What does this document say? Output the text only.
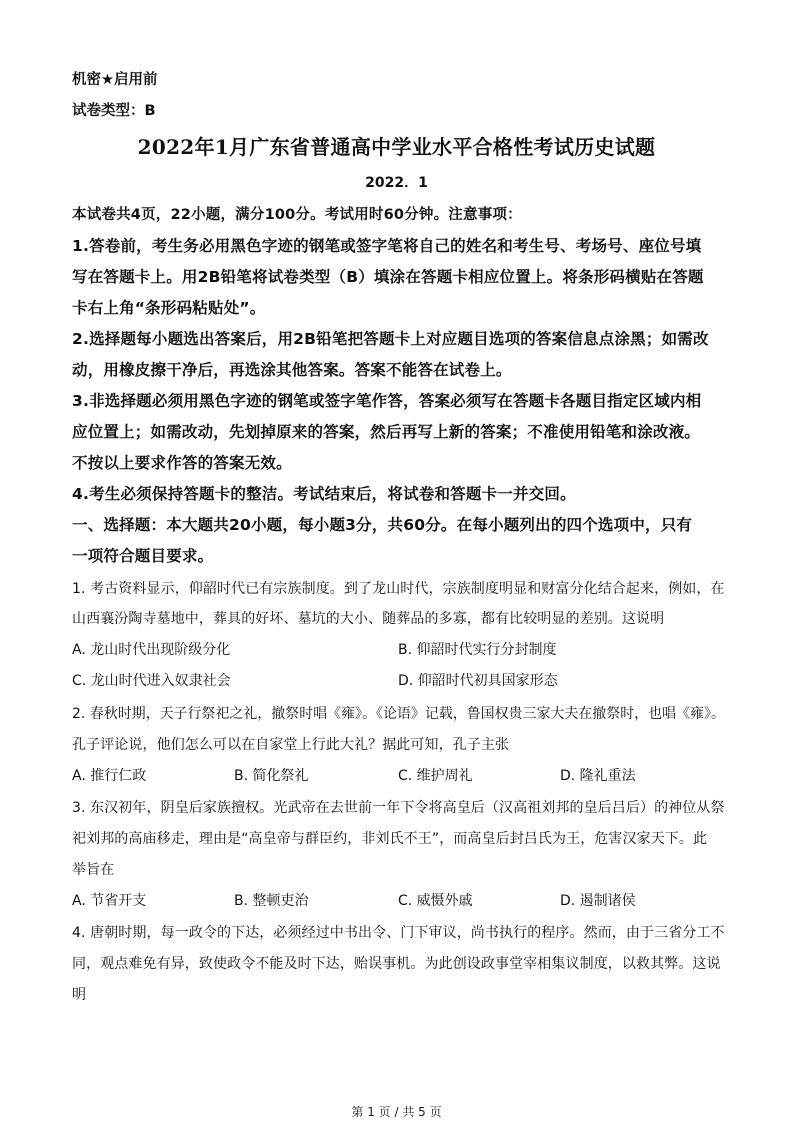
机密★启用前
试卷类型：B
2022年1月广东省普通高中学业水平合格性考试历史试题
2022．1
本试卷共4页，22小题，满分100分。考试用时60分钟。注意事项：
1.答卷前，考生务必用黑色字迹的钢笔或签字笔将自己的姓名和考生号、考场号、座位号填
写在答题卡上。用2B铅笔将试卷类型（B）填涂在答题卡相应位置上。将条形码横贴在答题
卡右上角“条形码粘贴处”。
2.选择题每小题选出答案后，用2B铅笔把答题卡上对应题目选项的答案信息点涂黑；如需改
动，用橡皮擦干净后，再选涂其他答案。答案不能答在试卷上。
3.非选择题必须用黑色字迹的钢笔或签字笔作答，答案必须写在答题卡各题目指定区域内相
应位置上；如需改动，先划掉原来的答案，然后再写上新的答案；不准使用铅笔和涂改液。
不按以上要求作答的答案无效。
4.考生必须保持答题卡的整洁。考试结束后，将试卷和答题卡一并交回。
一、选择题：本大题共20小题，每小题3分，共60分。在每小题列出的四个选项中，只有
一项符合题目要求。
1. 考古资料显示，仰韶时代已有宗族制度。到了龙山时代，宗族制度明显和财富分化结合起来，例如，在
山西襄汾陶寺墓地中，葬具的好坏、墓坑的大小、随葬品的多寡，都有比较明显的差别。这说明
A. 龙山时代出现阶级分化	B. 仰韶时代实行分封制度
C. 龙山时代进入奴隶社会	D. 仰韶时代初具国家形态
2. 春秋时期，天子行祭祀之礼，撤祭时唱《雍》。《论语》记载，鲁国权贵三家大夫在撤祭时，也唱《雍》。
孔子评论说，他们怎么可以在自家堂上行此大礼？据此可知，孔子主张
A. 推行仁政	B. 简化祭礼	C. 维护周礼	D. 隆礼重法
3. 东汉初年，阴皇后家族擅权。光武帝在去世前一年下令将高皇后（汉高祖刘邦的皇后吕后）的神位从祭
祀刘邦的高庙移走，理由是“高皇帝与群臣约，非刘氏不王”，而高皇后封吕氏为王，危害汉家天下。此
举旨在
A. 节省开支	B. 整顿吏治	C. 威慑外戚	D. 遏制诸侯
4. 唐朝时期，每一政令的下达，必须经过中书出令、门下审议，尚书执行的程序。然而，由于三省分工不
同，观点难免有异，致使政令不能及时下达，贻误事机。为此创设政事堂宰相集议制度，以救其弊。这说
明
第 1 页 / 共 5 页
